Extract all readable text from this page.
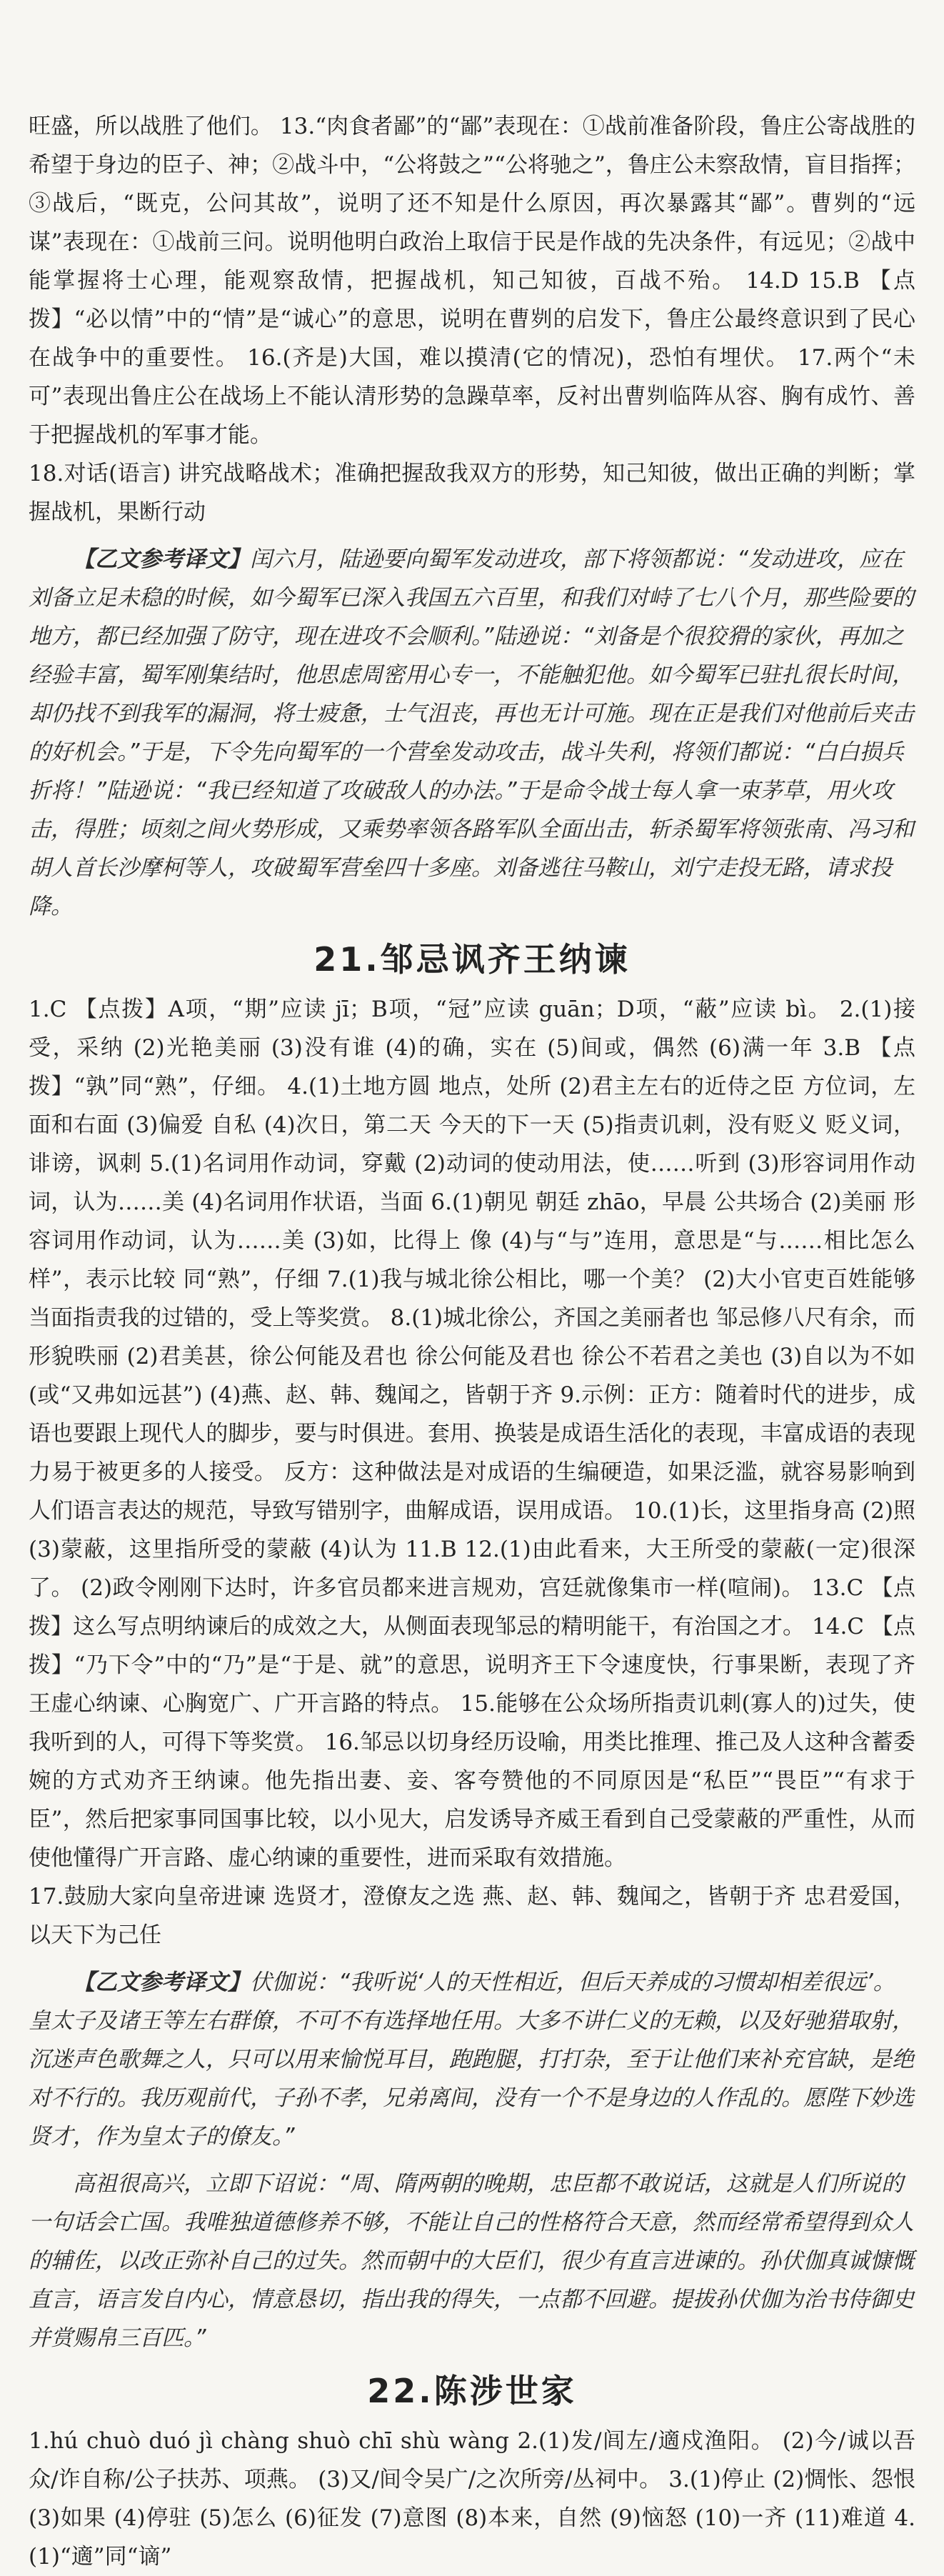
旺盛，所以战胜了他们。 13.“肉食者鄙”的“鄙”表现在：①战前准备阶段，鲁庄公寄战胜的希望于身边的臣子、神；②战斗中，“公将鼓之”“公将驰之”，鲁庄公未察敌情，盲目指挥；③战后，“既克，公问其故”，说明了还不知是什么原因，再次暴露其“鄙”。曹刿的“远谋”表现在：①战前三问。说明他明白政治上取信于民是作战的先决条件，有远见；②战中能掌握将士心理，能观察敌情，把握战机，知己知彼，百战不殆。 14.D 15.B 【点拨】“必以情”中的“情”是“诚心”的意思，说明在曹刿的启发下，鲁庄公最终意识到了民心在战争中的重要性。 16.(齐是)大国，难以摸清(它的情况)，恐怕有埋伏。 17.两个“未可”表现出鲁庄公在战场上不能认清形势的急躁草率，反衬出曹刿临阵从容、胸有成竹、善于把握战机的军事才能。

18.对话(语言) 讲究战略战术；准确把握敌我双方的形势，知己知彼，做出正确的判断；掌握战机，果断行动

【乙文参考译文】闰六月，陆逊要向蜀军发动进攻，部下将领都说：“发动进攻，应在刘备立足未稳的时候，如今蜀军已深入我国五六百里，和我们对峙了七八个月，那些险要的地方，都已经加强了防守，现在进攻不会顺利。”陆逊说：“刘备是个很狡猾的家伙，再加之经验丰富，蜀军刚集结时，他思虑周密用心专一，不能触犯他。如今蜀军已驻扎很长时间，却仍找不到我军的漏洞，将士疲惫，士气沮丧，再也无计可施。现在正是我们对他前后夹击的好机会。”于是，下令先向蜀军的一个营垒发动攻击，战斗失利，将领们都说：“白白损兵折将！”陆逊说：“我已经知道了攻破敌人的办法。”于是命令战士每人拿一束茅草，用火攻击，得胜；顷刻之间火势形成，又乘势率领各路军队全面出击，斩杀蜀军将领张南、冯习和胡人首长沙摩柯等人，攻破蜀军营垒四十多座。刘备逃往马鞍山，刘宁走投无路，请求投降。

21.邹忌讽齐王纳谏

1.C 【点拨】A项，“期”应读 jī；B项，“冠”应读 guān；D项，“蔽”应读 bì。 2.(1)接受，采纳 (2)光艳美丽 (3)没有谁 (4)的确，实在 (5)间或，偶然 (6)满一年 3.B 【点拨】“孰”同“熟”，仔细。 4.(1)土地方圆 地点，处所 (2)君主左右的近侍之臣 方位词，左面和右面 (3)偏爱 自私 (4)次日，第二天 今天的下一天 (5)指责讥刺，没有贬义 贬义词，诽谤，讽刺 5.(1)名词用作动词，穿戴 (2)动词的使动用法，使……听到 (3)形容词用作动词，认为……美 (4)名词用作状语，当面 6.(1)朝见 朝廷 zhāo，早晨 公共场合 (2)美丽 形容词用作动词，认为……美 (3)如，比得上 像 (4)与“与”连用，意思是“与……相比怎么样”，表示比较 同“熟”，仔细 7.(1)我与城北徐公相比，哪一个美？ (2)大小官吏百姓能够当面指责我的过错的，受上等奖赏。 8.(1)城北徐公，齐国之美丽者也 邹忌修八尺有余，而形貌昳丽 (2)君美甚，徐公何能及君也 徐公何能及君也 徐公不若君之美也 (3)自以为不如(或“又弗如远甚”) (4)燕、赵、韩、魏闻之，皆朝于齐 9.示例：正方：随着时代的进步，成语也要跟上现代人的脚步，要与时俱进。套用、换装是成语生活化的表现，丰富成语的表现力易于被更多的人接受。 反方：这种做法是对成语的生编硬造，如果泛滥，就容易影响到人们语言表达的规范，导致写错别字，曲解成语，误用成语。 10.(1)长，这里指身高 (2)照 (3)蒙蔽，这里指所受的蒙蔽 (4)认为 11.B 12.(1)由此看来，大王所受的蒙蔽(一定)很深了。 (2)政令刚刚下达时，许多官员都来进言规劝，宫廷就像集市一样(喧闹)。 13.C 【点拨】这么写点明纳谏后的成效之大，从侧面表现邹忌的精明能干，有治国之才。 14.C 【点拨】“乃下令”中的“乃”是“于是、就”的意思，说明齐王下令速度快，行事果断，表现了齐王虚心纳谏、心胸宽广、广开言路的特点。 15.能够在公众场所指责讥刺(寡人的)过失，使我听到的人，可得下等奖赏。 16.邹忌以切身经历设喻，用类比推理、推己及人这种含蓄委婉的方式劝齐王纳谏。他先指出妻、妾、客夸赞他的不同原因是“私臣”“畏臣”“有求于臣”，然后把家事同国事比较，以小见大，启发诱导齐威王看到自己受蒙蔽的严重性，从而使他懂得广开言路、虚心纳谏的重要性，进而采取有效措施。

17.鼓励大家向皇帝进谏 选贤才，澄僚友之选 燕、赵、韩、魏闻之，皆朝于齐 忠君爱国，以天下为己任

【乙文参考译文】伏伽说：“我听说‘人的天性相近，但后天养成的习惯却相差很远’。皇太子及诸王等左右群僚，不可不有选择地任用。大多不讲仁义的无赖，以及好驰猎取射，沉迷声色歌舞之人，只可以用来愉悦耳目，跑跑腿，打打杂，至于让他们来补充官缺，是绝对不行的。我历观前代，子孙不孝，兄弟离间，没有一个不是身边的人作乱的。愿陛下妙选贤才，作为皇太子的僚友。”

高祖很高兴，立即下诏说：“周、隋两朝的晚期，忠臣都不敢说话，这就是人们所说的一句话会亡国。我唯独道德修养不够，不能让自己的性格符合天意，然而经常希望得到众人的辅佐，以改正弥补自己的过失。然而朝中的大臣们，很少有直言进谏的。孙伏伽真诚慷慨直言，语言发自内心，情意恳切，指出我的得失，一点都不回避。提拔孙伏伽为治书侍御史并赏赐帛三百匹。”

22.陈涉世家

1.hú chuò duó jì chàng shuò chī shù wàng 2.(1)发/闾左/適戍渔阳。 (2)今/诚以吾众/诈自称/公子扶苏、项燕。 (3)又/间令吴广/之次所旁/丛祠中。 3.(1)停止 (2)惆怅、怨恨 (3)如果 (4)停驻 (5)怎么 (6)征发 (7)意图 (8)本来，自然 (9)恼怒 (10)一齐 (11)难道 4.(1)“適”同“谪”
